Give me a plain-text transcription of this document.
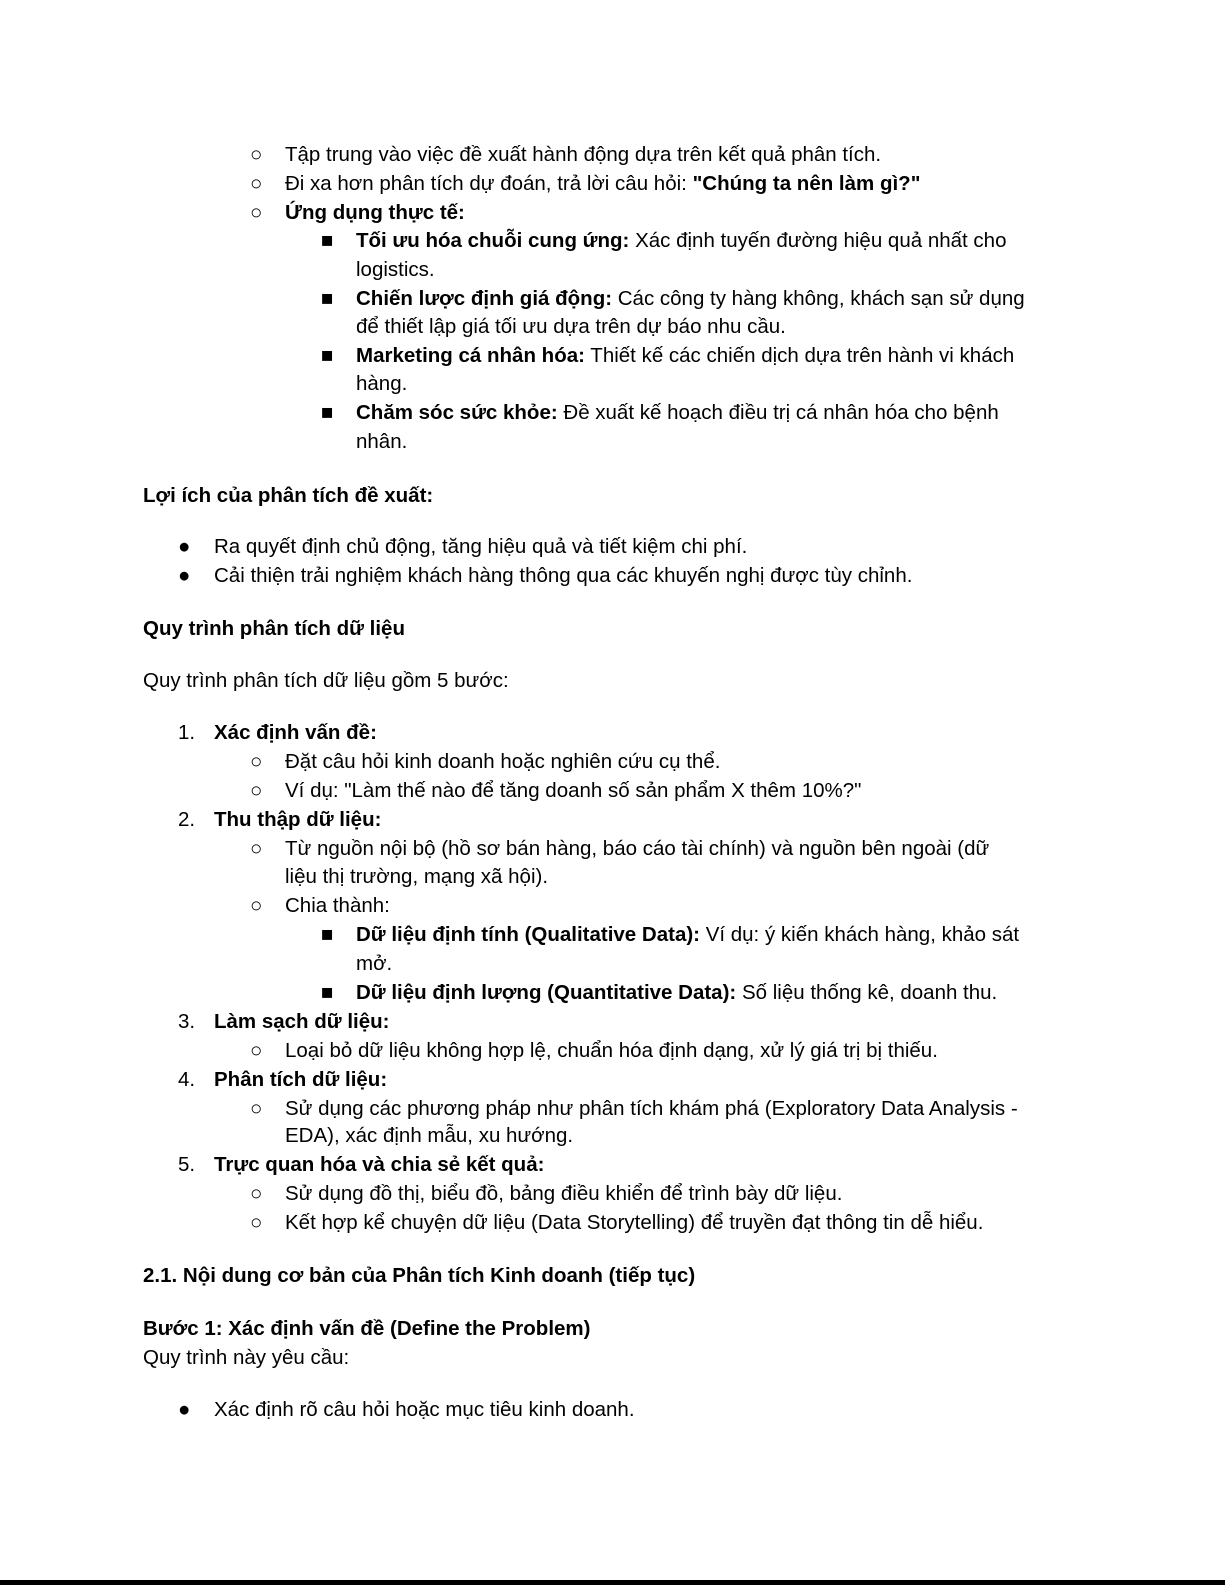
○ Tập trung vào việc đề xuất hành động dựa trên kết quả phân tích.
○ Đi xa hơn phân tích dự đoán, trả lời câu hỏi: "Chúng ta nên làm gì?"
○ Ứng dụng thực tế:
■ Tối ưu hóa chuỗi cung ứng: Xác định tuyến đường hiệu quả nhất cho
logistics.
■ Chiến lược định giá động: Các công ty hàng không, khách sạn sử dụng
để thiết lập giá tối ưu dựa trên dự báo nhu cầu.
■ Marketing cá nhân hóa: Thiết kế các chiến dịch dựa trên hành vi khách
hàng.
■ Chăm sóc sức khỏe: Đề xuất kế hoạch điều trị cá nhân hóa cho bệnh
nhân.
Lợi ích của phân tích đề xuất:
● Ra quyết định chủ động, tăng hiệu quả và tiết kiệm chi phí.
● Cải thiện trải nghiệm khách hàng thông qua các khuyến nghị được tùy chỉnh.
Quy trình phân tích dữ liệu
Quy trình phân tích dữ liệu gồm 5 bước:
1. Xác định vấn đề:
○ Đặt câu hỏi kinh doanh hoặc nghiên cứu cụ thể.
○ Ví dụ: "Làm thế nào để tăng doanh số sản phẩm X thêm 10%?"
2. Thu thập dữ liệu:
○ Từ nguồn nội bộ (hồ sơ bán hàng, báo cáo tài chính) và nguồn bên ngoài (dữ
liệu thị trường, mạng xã hội).
○ Chia thành:
■ Dữ liệu định tính (Qualitative Data): Ví dụ: ý kiến khách hàng, khảo sát
mở.
■ Dữ liệu định lượng (Quantitative Data): Số liệu thống kê, doanh thu.
3. Làm sạch dữ liệu:
○ Loại bỏ dữ liệu không hợp lệ, chuẩn hóa định dạng, xử lý giá trị bị thiếu.
4. Phân tích dữ liệu:
○ Sử dụng các phương pháp như phân tích khám phá (Exploratory Data Analysis -
EDA), xác định mẫu, xu hướng.
5. Trực quan hóa và chia sẻ kết quả:
○ Sử dụng đồ thị, biểu đồ, bảng điều khiển để trình bày dữ liệu.
○ Kết hợp kể chuyện dữ liệu (Data Storytelling) để truyền đạt thông tin dễ hiểu.
2.1. Nội dung cơ bản của Phân tích Kinh doanh (tiếp tục)
Bước 1: Xác định vấn đề (Define the Problem)
Quy trình này yêu cầu:
● Xác định rõ câu hỏi hoặc mục tiêu kinh doanh.
